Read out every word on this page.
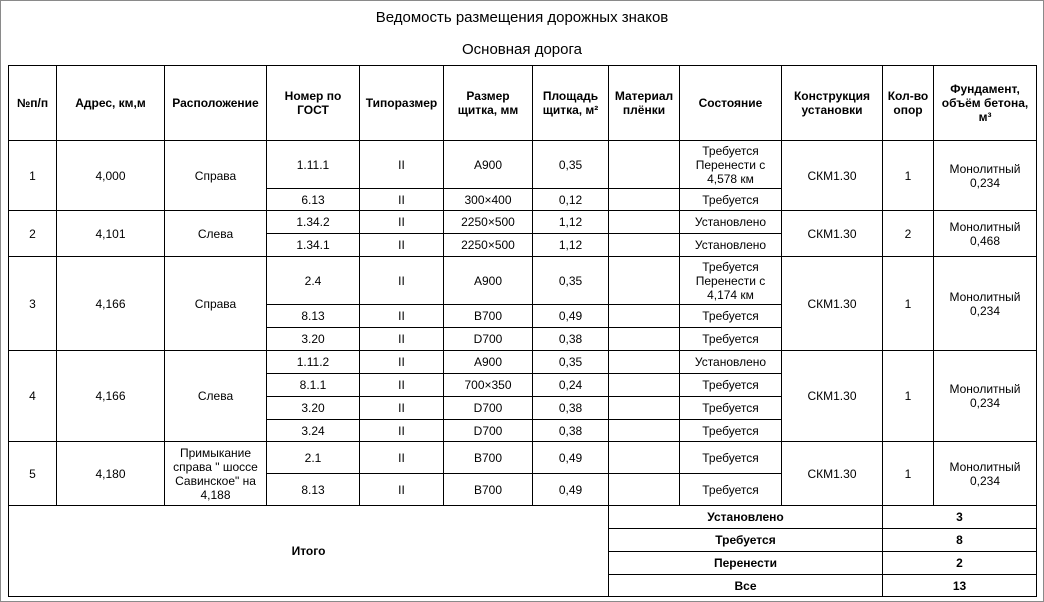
Ведомость размещения дорожных знаков
Основная дорога
№п/п	Адрес, км,м	Расположение	Номер по ГОСТ	Типоразмер	Размер щитка, мм	Площадь щитка, м²	Материал плёнки	Состояние	Конструкция установки	Кол-во опор	Фундамент, объём бетона, м³
1	4,000	Справа	1.11.1	II	A900	0,35		Требуется Перенести с 4,578 км	СКМ1.30	1	Монолитный 0,234
			6.13	II	300×400	0,12		Требуется			
2	4,101	Слева	1.34.2	II	2250×500	1,12		Установлено	СКМ1.30	2	Монолитный 0,468
			1.34.1	II	2250×500	1,12		Установлено			
3	4,166	Справа	2.4	II	A900	0,35		Требуется Перенести с 4,174 км	СКМ1.30	1	Монолитный 0,234
			8.13	II	B700	0,49		Требуется			
			3.20	II	D700	0,38		Требуется			
4	4,166	Слева	1.11.2	II	A900	0,35		Установлено	СКМ1.30	1	Монолитный 0,234
			8.1.1	II	700×350	0,24		Требуется			
			3.20	II	D700	0,38		Требуется			
			3.24	II	D700	0,38		Требуется			
5	4,180	Примыкание справа " шоссе Савинское" на 4,188	2.1	II	B700	0,49		Требуется	СКМ1.30	1	Монолитный 0,234
			8.13	II	B700	0,49		Требуется			
Итого							Установлено			3	
							Требуется			8	
							Перенести			2	
							Все			13	
